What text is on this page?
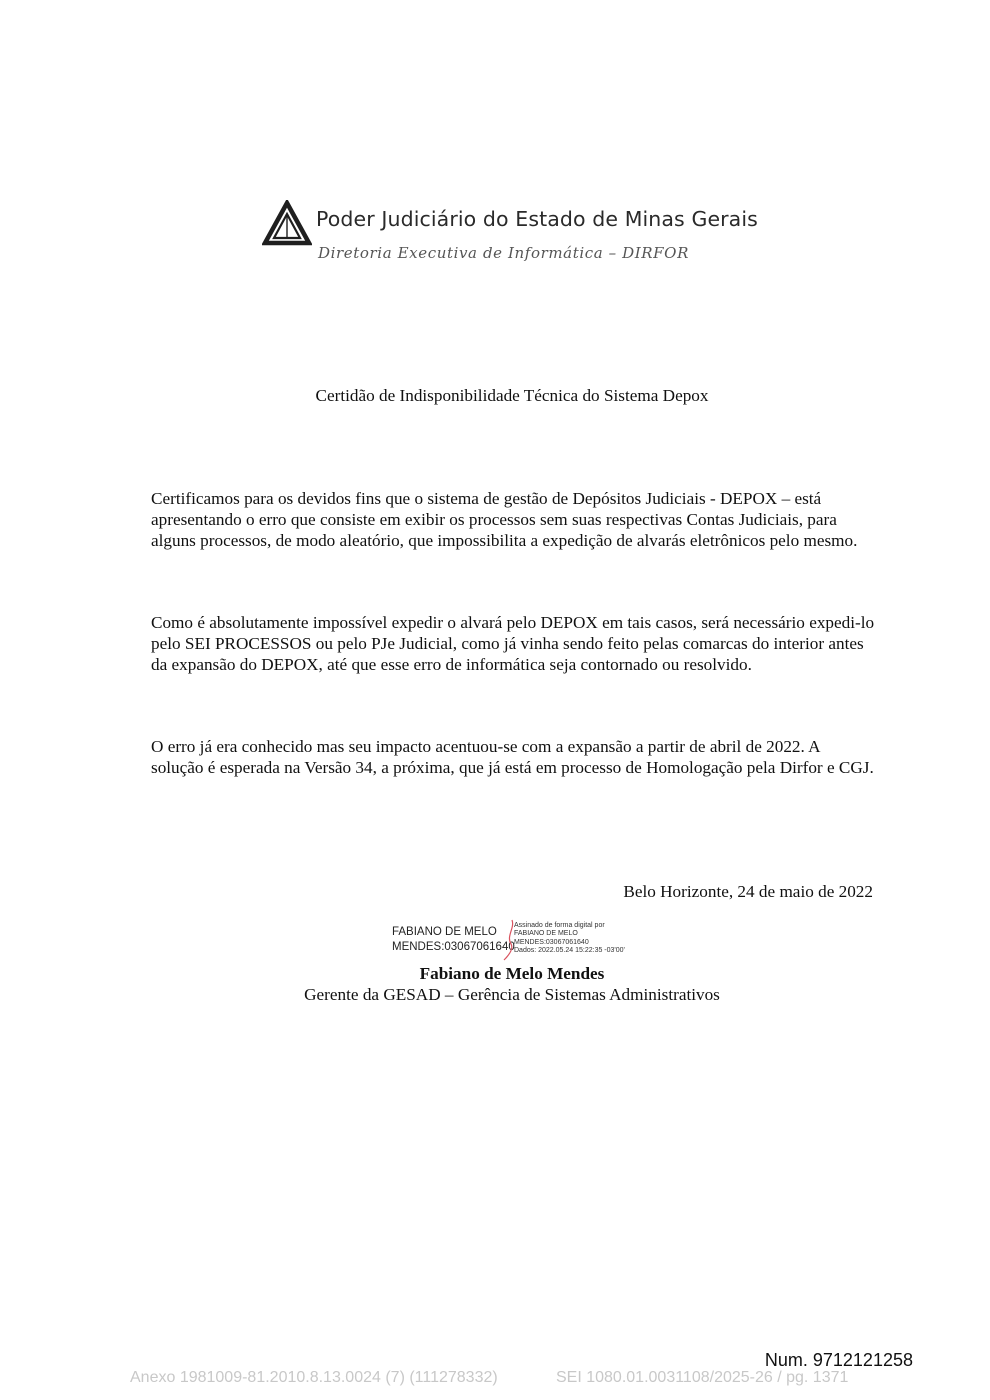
Poder Judiciário do Estado de Minas Gerais
Diretoria Executiva de Informática – DIRFOR
Certidão de Indisponibilidade Técnica do Sistema Depox

Certificamos para os devidos fins que o sistema de gestão de Depósitos Judiciais - DEPOX – está apresentando o erro que consiste em exibir os processos sem suas respectivas Contas Judiciais, para alguns processos, de modo aleatório, que impossibilita a expedição de alvarás eletrônicos pelo mesmo.

Como é absolutamente impossível expedir o alvará pelo DEPOX em tais casos, será necessário expedi-lo pelo SEI PROCESSOS ou pelo PJe Judicial, como já vinha sendo feito pelas comarcas do interior antes da expansão do DEPOX, até que esse erro de informática seja contornado ou resolvido.

O erro já era conhecido mas seu impacto acentuou-se com a expansão a partir de abril de 2022. A solução é esperada na Versão 34, a próxima, que já está em processo de Homologação pela Dirfor e CGJ.

Belo Horizonte, 24 de maio de 2022
FABIANO DE MELO
MENDES:03067061640
Assinado de forma digital por
FABIANO DE MELO
MENDES:03067061640
Dados: 2022.05.24 15:22:35 -03'00'
Fabiano de Melo Mendes
Gerente da GESAD – Gerência de Sistemas Administrativos
Num. 9712121258
Anexo 1981009-81.2010.8.13.0024 (7) (111278332)	SEI 1080.01.0031108/2025-26 / pg. 1371
